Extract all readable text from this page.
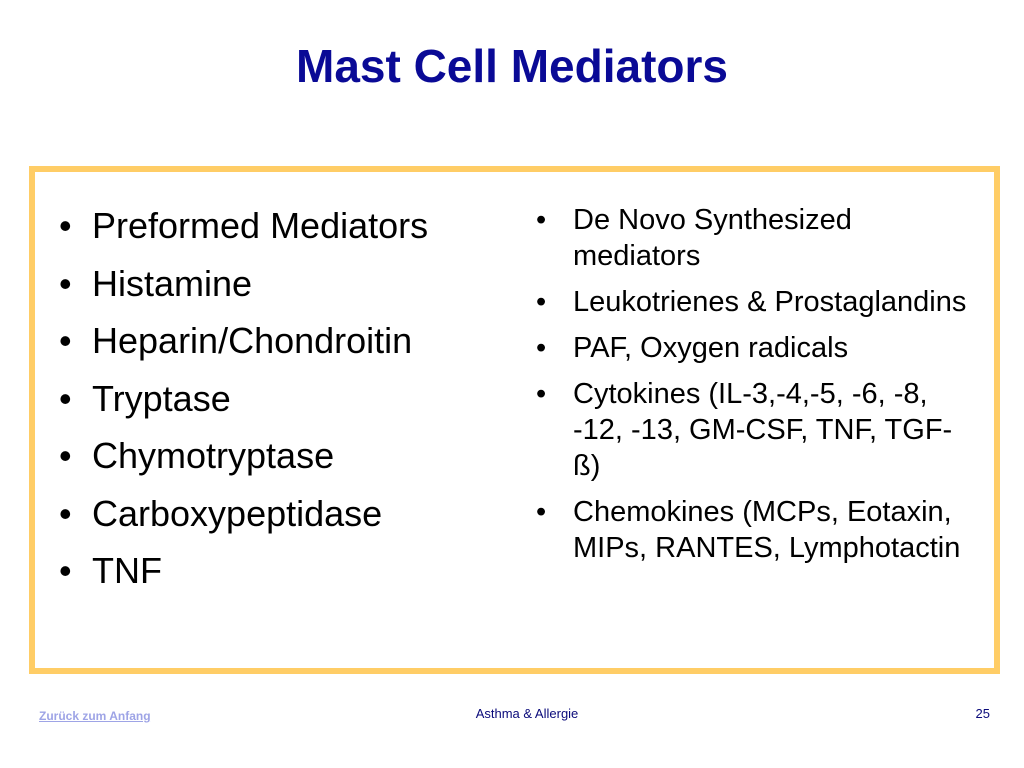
Mast Cell Mediators
• Preformed Mediators
• Histamine
• Heparin/Chondroitin
• Tryptase
• Chymotryptase
• Carboxypeptidase
• TNF
• De Novo Synthesized mediators
• Leukotrienes & Prostaglandins
• PAF, Oxygen radicals
• Cytokines (IL-3,-4,-5, -6, -8, -12, -13, GM-CSF, TNF, TGF-ß)
• Chemokines (MCPs, Eotaxin, MIPs, RANTES, Lymphotactin
Zurück zum Anfang	Asthma & Allergie	25
